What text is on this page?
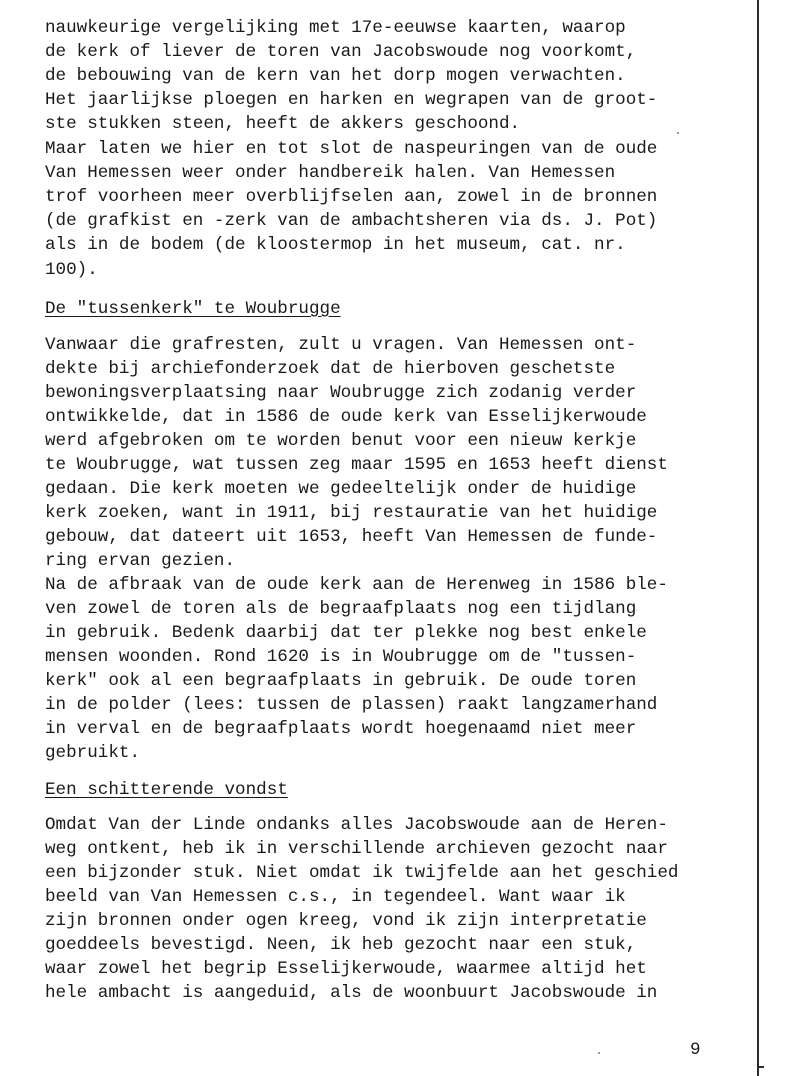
nauwkeurige vergelijking met 17e-eeuwse kaarten, waarop
de kerk of liever de toren van Jacobswoude nog voorkomt,
de bebouwing van de kern van het dorp mogen verwachten.
Het jaarlijkse ploegen en harken en wegrapen van de groot-
ste stukken steen, heeft de akkers geschoond.
Maar laten we hier en tot slot de naspeuringen van de oude
Van Hemessen weer onder handbereik halen. Van Hemessen
trof voorheen meer overblijfselen aan, zowel in de bronnen
(de grafkist en -zerk van de ambachtsheren via ds. J. Pot)
als in de bodem (de kloostermop in het museum, cat. nr.
100).
De "tussenkerk" te Woubrugge
Vanwaar die grafresten, zult u vragen. Van Hemessen ont-
dekte bij archiefonderzoek dat de hierboven geschetste
bewoningsverplaatsing naar Woubrugge zich zodanig verder
ontwikkelde, dat in 1586 de oude kerk van Esselijkerwoude
werd afgebroken om te worden benut voor een nieuw kerkje
te Woubrugge, wat tussen zeg maar 1595 en 1653 heeft dienst
gedaan. Die kerk moeten we gedeeltelijk onder de huidige
kerk zoeken, want in 1911, bij restauratie van het huidige
gebouw, dat dateert uit 1653, heeft Van Hemessen de funde-
ring ervan gezien.
Na de afbraak van de oude kerk aan de Herenweg in 1586 ble-
ven zowel de toren als de begraafplaats nog een tijdlang
in gebruik. Bedenk daarbij dat ter plekke nog best enkele
mensen woonden. Rond 1620 is in Woubrugge om de "tussen-
kerk" ook al een begraafplaats in gebruik. De oude toren
in de polder (lees: tussen de plassen) raakt langzamerhand
in verval en de begraafplaats wordt hoegenaamd niet meer
gebruikt.
Een schitterende vondst
Omdat Van der Linde ondanks alles Jacobswoude aan de Heren-
weg ontkent, heb ik in verschillende archieven gezocht naar
een bijzonder stuk. Niet omdat ik twijfelde aan het geschied
beeld van Van Hemessen c.s., in tegendeel. Want waar ik
zijn bronnen onder ogen kreeg, vond ik zijn interpretatie
goeddeels bevestigd. Neen, ik heb gezocht naar een stuk,
waar zowel het begrip Esselijkerwoude, waarmee altijd het
hele ambacht is aangeduid, als de woonbuurt Jacobswoude in
9
